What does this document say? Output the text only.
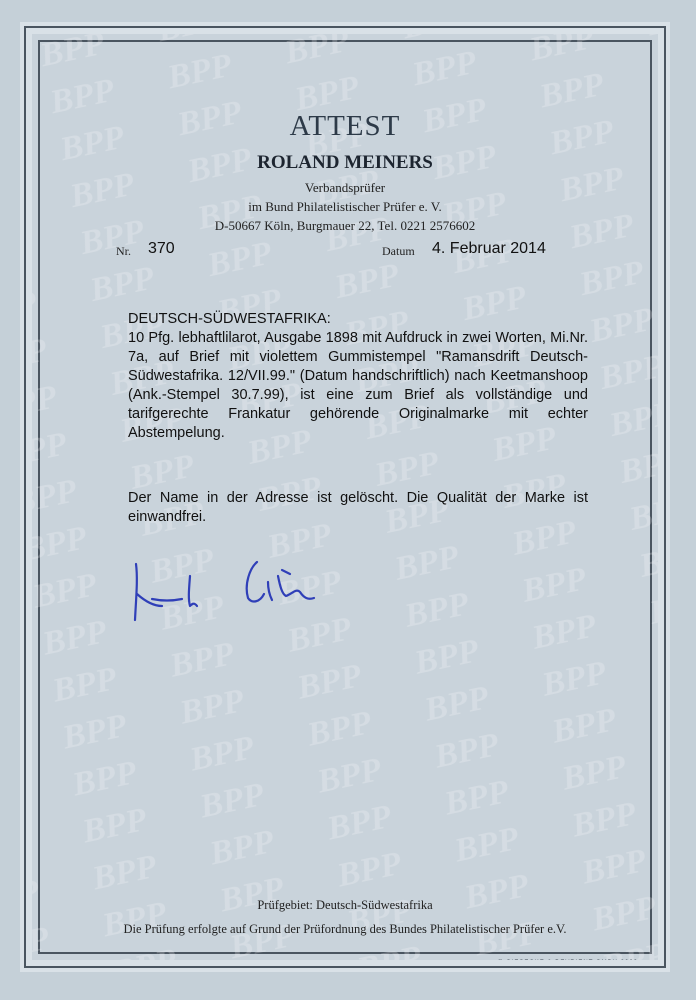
ATTEST
ROLAND MEINERS
Verbandsprüfer
im Bund Philatelistischer Prüfer e. V.
D-50667 Köln, Burgmauer 22, Tel. 0221 2576602
Nr. 370	Datum 4. Februar 2014
DEUTSCH-SÜDWESTAFRIKA:
10 Pfg. lebhaftlilarot, Ausgabe 1898 mit Aufdruck in zwei Worten, Mi.Nr. 7a, auf Brief mit violettem Gummistempel "Ramansdrift Deutsch-Südwestafrika. 12/VII.99." (Datum handschriftlich) nach Keetmanshoop (Ank.-Stempel 30.7.99), ist eine zum Brief als vollständige und tarifgerechte Frankatur gehörende Originalmarke mit echter Abstempelung.
Der Name in der Adresse ist gelöscht. Die Qualität der Marke ist einwandfrei.
Prüfgebiet: Deutsch-Südwestafrika
Die Prüfung erfolgte auf Grund der Prüfordnung des Bundes Philatelistischer Prüfer e.V.
© GIESECKE & DEVRIENT GMBH 2002
